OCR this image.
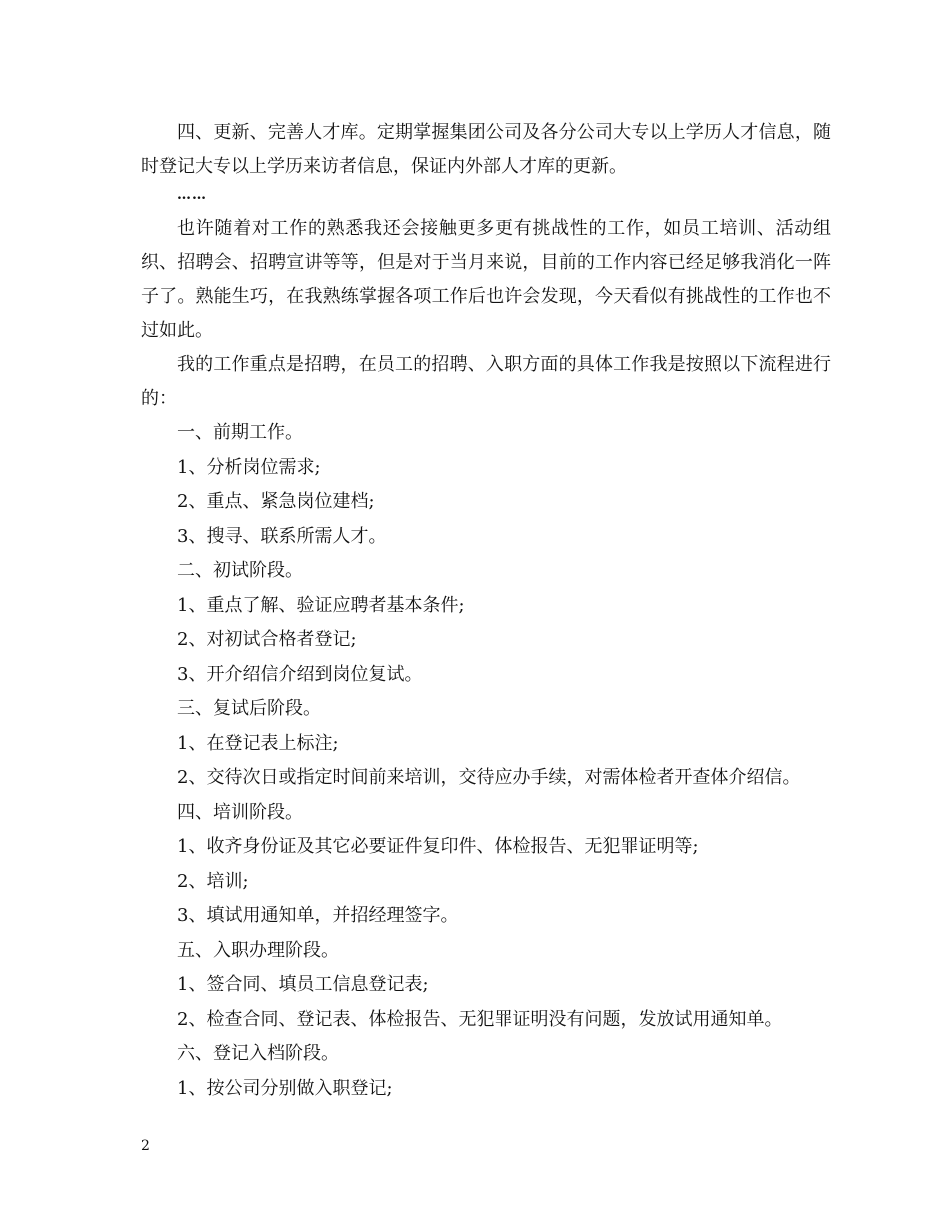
四、更新、完善人才库。定期掌握集团公司及各分公司大专以上学历人才信息，随时登记大专以上学历来访者信息，保证内外部人才库的更新。

……

也许随着对工作的熟悉我还会接触更多更有挑战性的工作，如员工培训、活动组织、招聘会、招聘宣讲等等，但是对于当月来说，目前的工作内容已经足够我消化一阵子了。熟能生巧，在我熟练掌握各项工作后也许会发现，今天看似有挑战性的工作也不过如此。

我的工作重点是招聘，在员工的招聘、入职方面的具体工作我是按照以下流程进行的：

一、前期工作。

1、分析岗位需求;

2、重点、紧急岗位建档;

3、搜寻、联系所需人才。

二、初试阶段。

1、重点了解、验证应聘者基本条件;

2、对初试合格者登记;

3、开介绍信介绍到岗位复试。

三、复试后阶段。

1、在登记表上标注;

2、交待次日或指定时间前来培训，交待应办手续，对需体检者开查体介绍信。

四、培训阶段。

1、收齐身份证及其它必要证件复印件、体检报告、无犯罪证明等;

2、培训;

3、填试用通知单，并招经理签字。

五、入职办理阶段。

1、签合同、填员工信息登记表;

2、检查合同、登记表、体检报告、无犯罪证明没有问题，发放试用通知单。

六、登记入档阶段。

1、按公司分别做入职登记;

2
